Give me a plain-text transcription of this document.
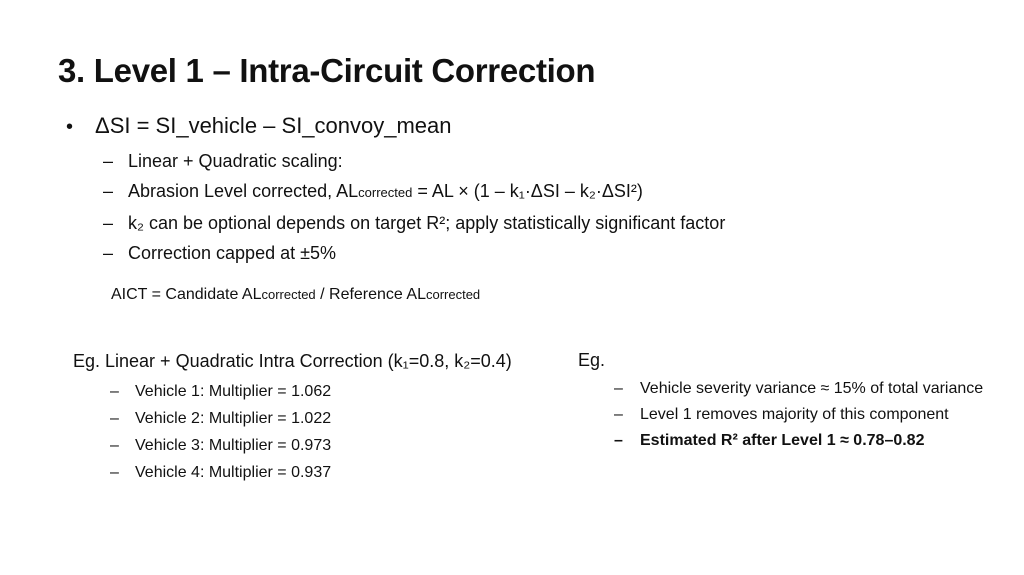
3. Level 1 – Intra-Circuit Correction
• ΔSI = SI_vehicle – SI_convoy_mean
– Linear + Quadratic scaling:
– Abrasion Level corrected, ALcorrected = AL × (1 – k₁·ΔSI – k₂·ΔSI²)
– k₂ can be optional depends on target R²; apply statistically significant factor
– Correction capped at ±5%
AICT = Candidate ALcorrected / Reference ALcorrected
Eg. Linear + Quadratic Intra Correction (k₁=0.8, k₂=0.4)
– Vehicle 1: Multiplier = 1.062
– Vehicle 2: Multiplier = 1.022
– Vehicle 3: Multiplier = 0.973
– Vehicle 4: Multiplier = 0.937
Eg.
– Vehicle severity variance ≈ 15% of total variance
– Level 1 removes majority of this component
– Estimated R² after Level 1 ≈ 0.78–0.82
